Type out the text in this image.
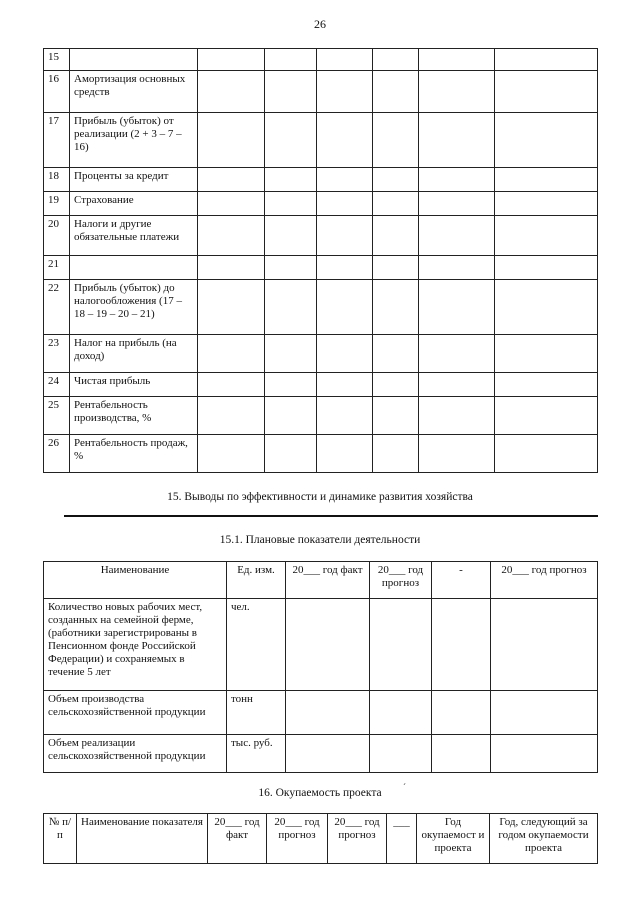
26
15							
16	Амортизация основных средств						
17	Прибыль (убыток) от реализации (2 + 3 – 7 – 16)						
18	Проценты за кредит						
19	Страхование						
20	Налоги и другие обязательные платежи						
21							
22	Прибыль (убыток) до налогообложения (17 – 18 – 19 – 20 – 21)						
23	Налог на прибыль (на доход)						
24	Чистая прибыль						
25	Рентабельность производства, %						
26	Рентабельность продаж, %						
15. Выводы по эффективности и динамике развития хозяйства
15.1. Плановые показатели деятельности
Наименование	Ед. изм.	20___ год факт	20___ год прогноз	-	20___ год прогноз
Количество новых рабочих мест, созданных на семейной ферме, (работники зарегистрированы в Пенсионном фонде Российской Федерации) и сохраняемых в течение 5 лет	чел.				
Объем производства сельскохозяйственной продукции	тонн				
Объем реализации сельскохозяйственной продукции	тыс. руб.				
16. Окупаемость проекта	ˊ
№ п/п	Наименование показателя	20___ год факт	20___ год прогноз	20___ год прогноз	___	Год окупаемост и проекта	Год, следующий за годом окупаемости проекта
